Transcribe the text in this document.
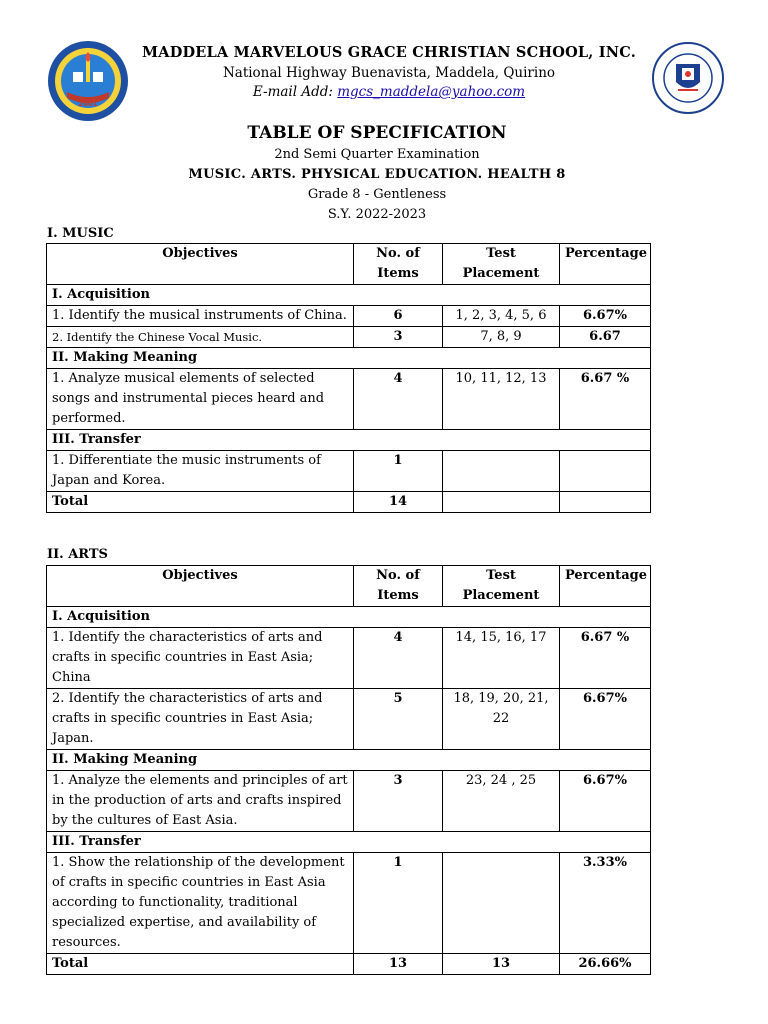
2001
MADDELA MARVELOUS GRACE CHRISTIAN SCHOOL, INC.
National Highway Buenavista, Maddela, Quirino
E-mail Add: mgcs_maddela@yahoo.com
TABLE OF SPECIFICATION
2nd Semi Quarter Examination
MUSIC. ARTS. PHYSICAL EDUCATION. HEALTH 8
Grade 8 - Gentleness
S.Y. 2022-2023
I. MUSIC
Objectives	No. of Items	Test Placement	Percentage
I. Acquisition			
1. Identify the musical instruments of China.	6	1, 2, 3, 4, 5, 6	6.67%
2. Identify the Chinese Vocal Music.	3	7, 8, 9	6.67
II. Making Meaning			
1. Analyze musical elements of selected songs and instrumental pieces heard and performed.	4	10, 11, 12, 13	6.67 %
III. Transfer			
1. Differentiate the music instruments of Japan and Korea.	1		
Total	14		
II. ARTS
Objectives	No. of Items	Test Placement	Percentage
I. Acquisition			
1. Identify the characteristics of arts and crafts in specific countries in East Asia; China	4	14, 15, 16, 17	6.67 %
2. Identify the characteristics of arts and crafts in specific countries in East Asia; Japan.	5	18, 19, 20, 21, 22	6.67%
II. Making Meaning			
1. Analyze the elements and principles of art in the production of arts and crafts inspired by the cultures of East Asia.	3	23, 24 , 25	6.67%
III. Transfer			
1. Show the relationship of the development of crafts in specific countries in East Asia according to functionality, traditional specialized expertise, and availability of resources.	1		3.33%
Total	13	13	26.66%
